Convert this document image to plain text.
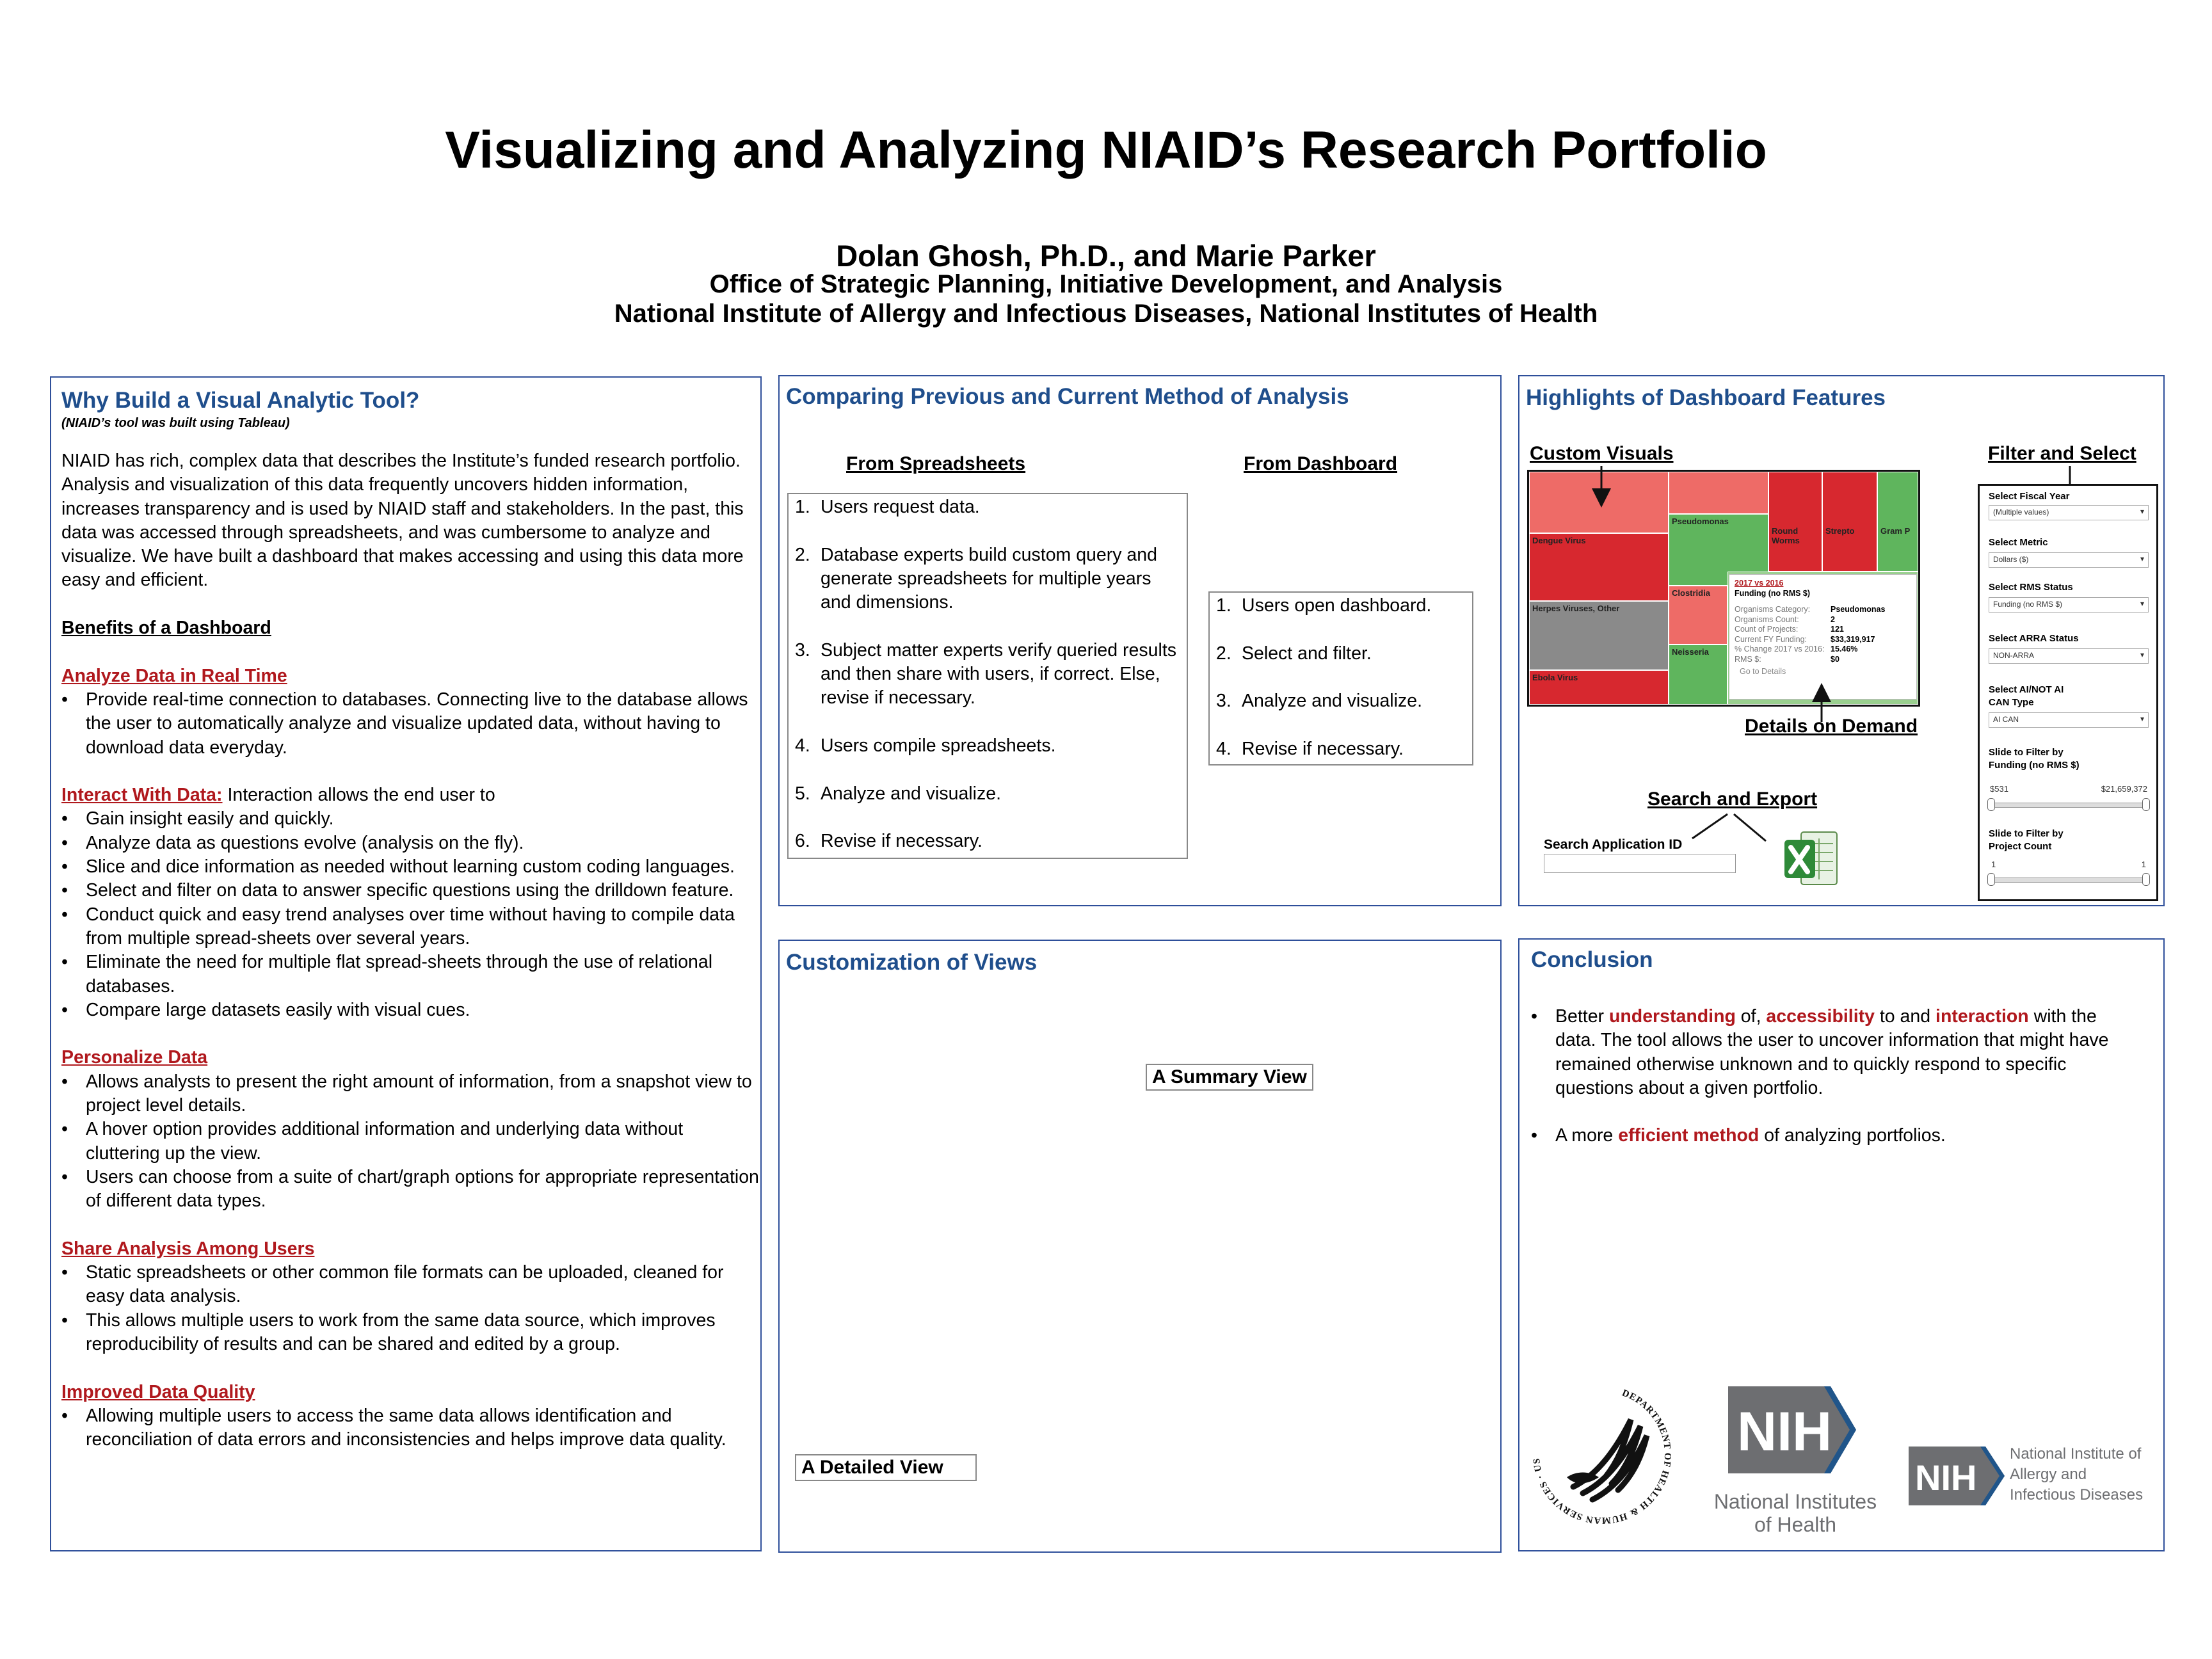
Visualizing and Analyzing NIAID’s Research Portfolio
Dolan Ghosh, Ph.D., and Marie Parker
Office of Strategic Planning, Initiative Development, and Analysis
National Institute of Allergy and Infectious Diseases, National Institutes of Health
Why Build a Visual Analytic Tool?
(NIAID’s tool was built using Tableau)

NIAID has rich, complex data that describes the Institute’s funded research portfolio. Analysis and visualization of this data frequently uncovers hidden information, increases transparency and is used by NIAID staff and stakeholders. In the past, this data was accessed through spreadsheets, and was cumbersome to analyze and visualize. We have built a dashboard that makes accessing and using this data more easy and efficient.

Benefits of a Dashboard

Analyze Data in Real Time

• Provide real-time connection to databases. Connecting live to the database allows the user to automatically analyze and visualize updated data, without having to download data everyday.

Interact With Data: Interaction allows the end user to

• Gain insight easily and quickly.
• Analyze data as questions evolve (analysis on the fly).
• Slice and dice information as needed without learning custom coding languages.
• Select and filter on data to answer specific questions using the drilldown feature.
• Conduct quick and easy trend analyses over time without having to compile data from multiple spread-sheets over several years.
• Eliminate the need for multiple flat spread-sheets through the use of relational databases.
• Compare large datasets easily with visual cues.

Personalize Data

• Allows analysts to present the right amount of information, from a snapshot view to project level details.
• A hover option provides additional information and underlying data without cluttering up the view.
• Users can choose from a suite of chart/graph options for appropriate representation of different data types.

Share Analysis Among Users

• Static spreadsheets or other common file formats can be uploaded, cleaned for easy data analysis.
• This allows multiple users to work from the same data source, which improves reproducibility of results and can be shared and edited by a group.

Improved Data Quality

• Allowing multiple users to access the same data allows identification and reconciliation of data errors and inconsistencies and helps improve data quality.
Comparing Previous and Current Method of Analysis
From Spreadsheets	From Dashboard
1. Users request data.
2. Database experts build custom query and generate spreadsheets for multiple years and dimensions.
3. Subject matter experts verify queried results and then share with users, if correct. Else, revise if necessary.
4. Users compile spreadsheets.
5. Analyze and visualize.
6. Revise if necessary.
1. Users open dashboard.
2. Select and filter.
3. Analyze and visualize.
4. Revise if necessary.
Highlights of Dashboard Features
Custom Visuals	Filter and Select
Dengue Virus
Herpes Viruses, Other
Ebola Virus
Pseudomonas
Clostridia
Neisseria
Round Worms
Strepto	Gram P
2017 vs 2016
Funding (no RMS $)
Organisms Category:	Pseudomonas
Organisms Count:	2
Count of Projects:	121
Current FY Funding:	$33,319,917
% Change 2017 vs 2016: 15.46%
RMS $:	$0
Go to Details
Details on Demand
Search and Export
Search Application ID
Select Fiscal Year
(Multiple values) ▾
Select Metric
Dollars ($) ▾
Select RMS Status
Funding (no RMS $) ▾
Select ARRA Status
NON-ARRA ▾
Select AI/NOT AI
CAN Type
AI CAN ▾
Slide to Filter by
Funding (no RMS $)
$531	$21,659,372
Slide to Filter by
Project Count
1	1
Customization of Views
A Summary View
A Detailed View
Conclusion
• Better understanding of, accessibility to and interaction with the data. The tool allows the user to uncover information that might have remained otherwise unknown and to quickly respond to specific questions about a given portfolio.
• A more efficient method of analyzing portfolios.
DEPARTMENT OF HEALTH & HUMAN SERVICES · US	NIH
National Institutes
of Health
NIH
National Institute of
Allergy and
Infectious Diseases
